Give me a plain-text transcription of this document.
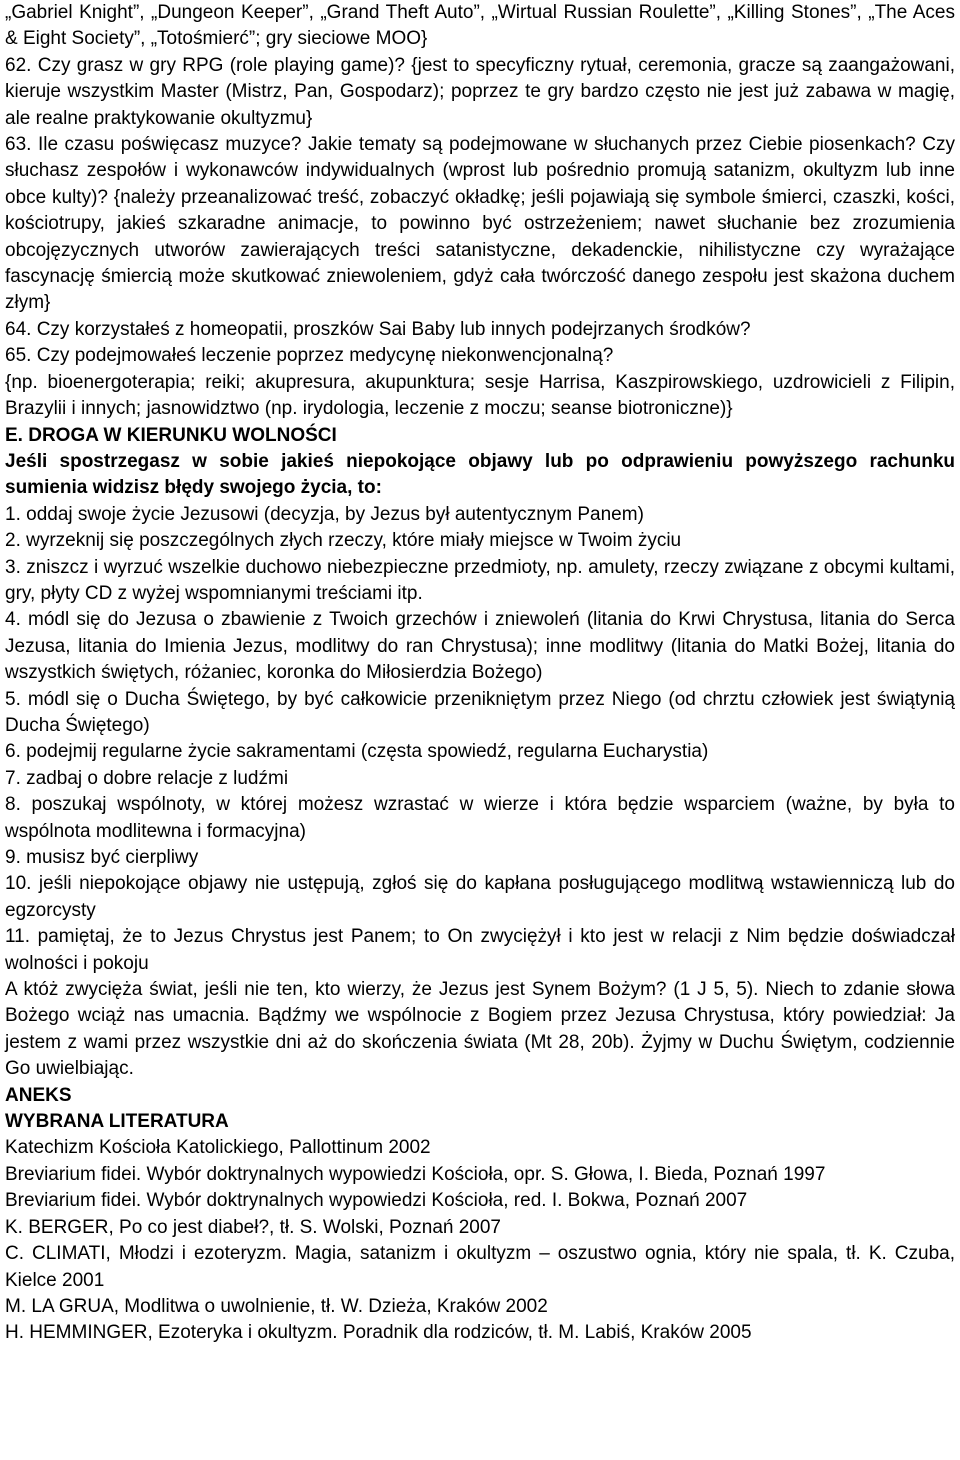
„Gabriel Knight”, „Dungeon Keeper”, „Grand Theft Auto”, „Wirtual Russian Roulette”, „Killing Stones”, „The Aces & Eight Society”, „Totośmierć”; gry sieciowe MOO}

62. Czy grasz w gry RPG (role playing game)? {jest to specyficzny rytuał, ceremonia, gracze są zaangażowani, kieruje wszystkim Master (Mistrz, Pan, Gospodarz); poprzez te gry bardzo często nie jest już zabawa w magię, ale realne praktykowanie okultyzmu}

63. Ile czasu poświęcasz muzyce? Jakie tematy są podejmowane w słuchanych przez Ciebie piosenkach? Czy słuchasz zespołów i wykonawców indywidualnych (wprost lub pośrednio promują satanizm, okultyzm lub inne obce kulty)? {należy przeanalizować treść, zobaczyć okładkę; jeśli pojawiają się symbole śmierci, czaszki, kości, kościotrupy, jakieś szkaradne animacje, to powinno być ostrzeżeniem; nawet słuchanie bez zrozumienia obcojęzycznych utworów zawierających treści satanistyczne, dekadenckie, nihilistyczne czy wyrażające fascynację śmiercią może skutkować zniewoleniem, gdyż cała twórczość danego zespołu jest skażona duchem złym}

64. Czy korzystałeś z homeopatii, proszków Sai Baby lub innych podejrzanych środków?

65. Czy podejmowałeś leczenie poprzez medycynę niekonwencjonalną?

{np. bioenergoterapia; reiki; akupresura, akupunktura; sesje Harrisa, Kaszpirowskiego, uzdrowicieli z Filipin, Brazylii i innych; jasnowidztwo (np. irydologia, leczenie z moczu; seanse biotroniczne)}

E. DROGA W KIERUNKU WOLNOŚCI

Jeśli spostrzegasz w sobie jakieś niepokojące objawy lub po odprawieniu powyższego rachunku sumienia widzisz błędy swojego życia, to:

1. oddaj swoje życie Jezusowi (decyzja, by Jezus był autentycznym Panem)

2. wyrzeknij się poszczególnych złych rzeczy, które miały miejsce w Twoim życiu

3. zniszcz i wyrzuć wszelkie duchowo niebezpieczne przedmioty, np. amulety, rzeczy związane z obcymi kultami, gry, płyty CD z wyżej wspomnianymi treściami itp.

4. módl się do Jezusa o zbawienie z Twoich grzechów i zniewoleń (litania do Krwi Chrystusa, litania do Serca Jezusa, litania do Imienia Jezus, modlitwy do ran Chrystusa); inne modlitwy (litania do Matki Bożej, litania do wszystkich świętych, różaniec, koronka do Miłosierdzia Bożego)

5. módl się o Ducha Świętego, by być całkowicie przenikniętym przez Niego (od chrztu człowiek jest świątynią Ducha Świętego)

6. podejmij regularne życie sakramentami (częsta spowiedź, regularna Eucharystia)

7. zadbaj o dobre relacje z ludźmi

8. poszukaj wspólnoty, w której możesz wzrastać w wierze i która będzie wsparciem (ważne, by była to wspólnota modlitewna i formacyjna)

9. musisz być cierpliwy

10. jeśli niepokojące objawy nie ustępują, zgłoś się do kapłana posługującego modlitwą wstawienniczą lub do egzorcysty

11. pamiętaj, że to Jezus Chrystus jest Panem; to On zwyciężył i kto jest w relacji z Nim będzie doświadczał wolności i pokoju

A któż zwycięża świat, jeśli nie ten, kto wierzy, że Jezus jest Synem Bożym? (1 J 5, 5). Niech to zdanie słowa Bożego wciąż nas umacnia. Bądźmy we wspólnocie z Bogiem przez Jezusa Chrystusa, który powiedział: Ja jestem z wami przez wszystkie dni aż do skończenia świata (Mt 28, 20b). Żyjmy w Duchu Świętym, codziennie Go uwielbiając.

ANEKS

WYBRANA LITERATURA

Katechizm Kościoła Katolickiego, Pallottinum 2002

Breviarium fidei. Wybór doktrynalnych wypowiedzi Kościoła, opr. S. Głowa, I. Bieda, Poznań 1997

Breviarium fidei. Wybór doktrynalnych wypowiedzi Kościoła, red. I. Bokwa, Poznań 2007

K. BERGER, Po co jest diabeł?, tł. S. Wolski, Poznań 2007

C. CLIMATI, Młodzi i ezoteryzm. Magia, satanizm i okultyzm – oszustwo ognia, który nie spala, tł. K. Czuba, Kielce 2001

M. LA GRUA, Modlitwa o uwolnienie, tł. W. Dzieża, Kraków 2002

H. HEMMINGER, Ezoteryka i okultyzm. Poradnik dla rodziców, tł. M. Labiś, Kraków 2005
